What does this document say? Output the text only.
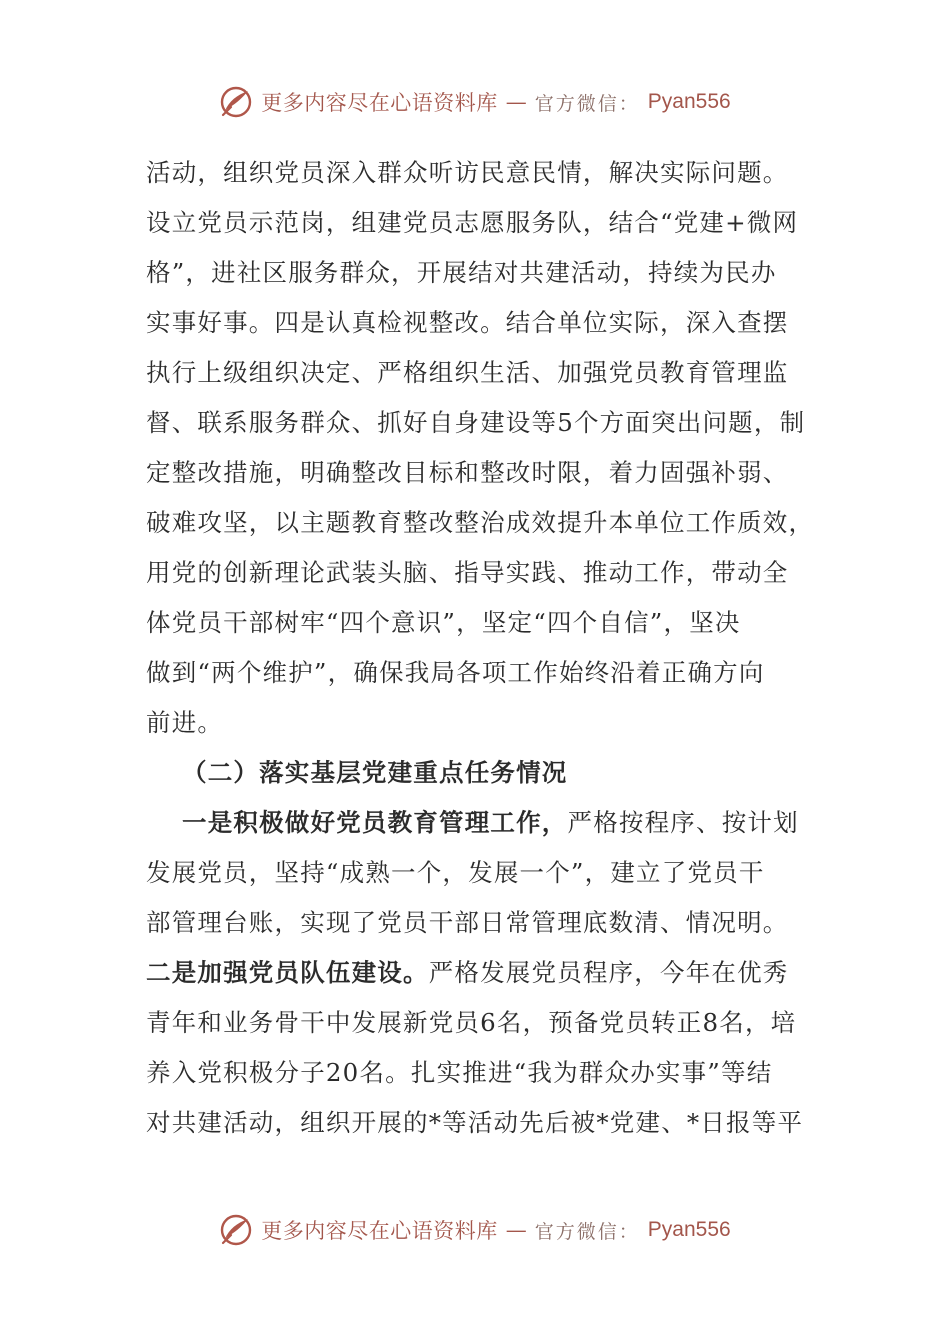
更多内容尽在心语资料库 — 官方微信： Pyan556

活动，组织党员深入群众听访民意民情，解决实际问题。

设立党员示范岗，组建党员志愿服务队，结合“党建+微网

格”，进社区服务群众，开展结对共建活动，持续为民办

实事好事。四是认真检视整改。结合单位实际，深入查摆

执行上级组织决定、严格组织生活、加强党员教育管理监

督、联系服务群众、抓好自身建设等5个方面突出问题，制

定整改措施，明确整改目标和整改时限，着力固强补弱、

破难攻坚，以主题教育整改整治成效提升本单位工作质效，

用党的创新理论武装头脑、指导实践、推动工作，带动全

体党员干部树牢“四个意识”，坚定“四个自信”，坚决

做到“两个维护”，确保我局各项工作始终沿着正确方向

前进。

（二）落实基层党建重点任务情况

一是积极做好党员教育管理工作，严格按程序、按计划

发展党员，坚持“成熟一个，发展一个”，建立了党员干

部管理台账，实现了党员干部日常管理底数清、情况明。

二是加强党员队伍建设。严格发展党员程序，今年在优秀

青年和业务骨干中发展新党员6名，预备党员转正8名，培

养入党积极分子20名。扎实推进“我为群众办实事”等结

对共建活动，组织开展的*等活动先后被*党建、*日报等平

更多内容尽在心语资料库 — 官方微信： Pyan556
